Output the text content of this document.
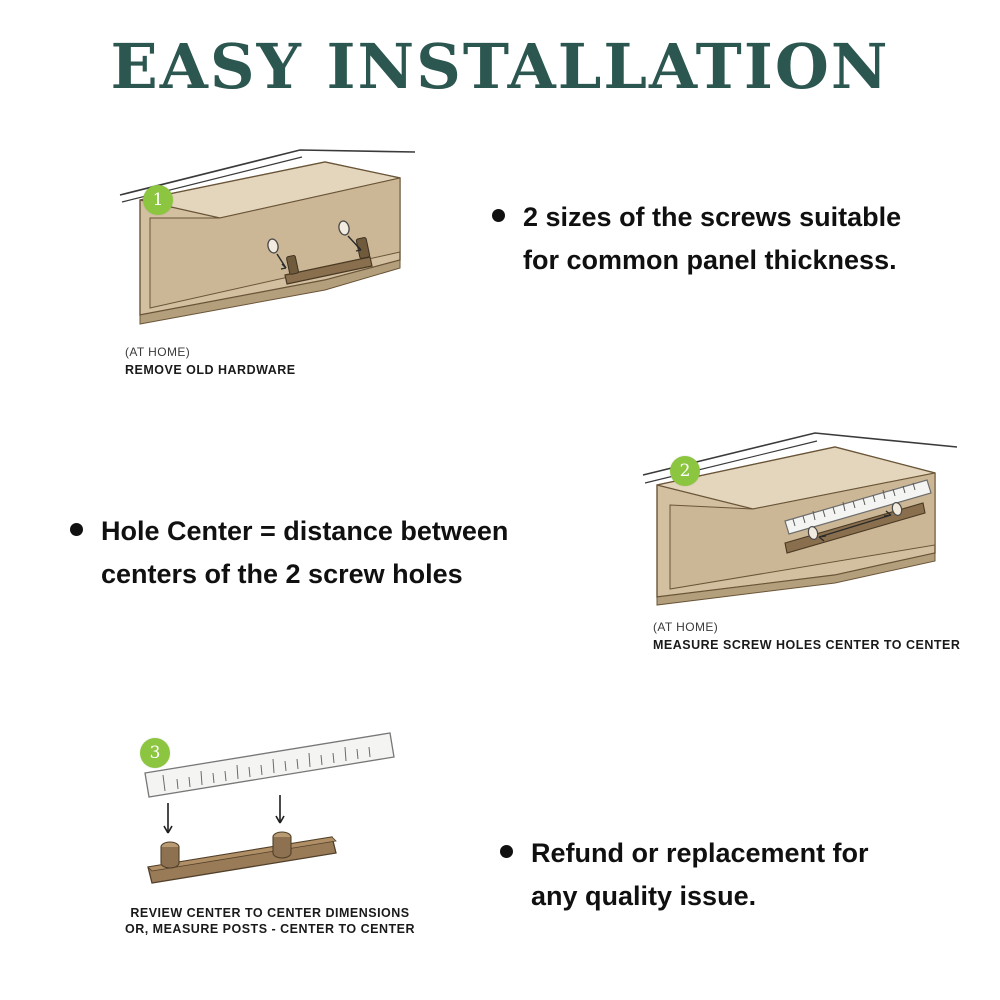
EASY INSTALLATION
1
(AT HOME)
REMOVE OLD HARDWARE
2
(AT HOME)
MEASURE SCREW HOLES CENTER TO CENTER
3
REVIEW CENTER TO CENTER DIMENSIONS
OR, MEASURE POSTS - CENTER TO CENTER
2 sizes of the screws suitable for common panel thickness.
Hole Center = distance between centers of the 2 screw holes
Refund or replacement for any quality issue.
